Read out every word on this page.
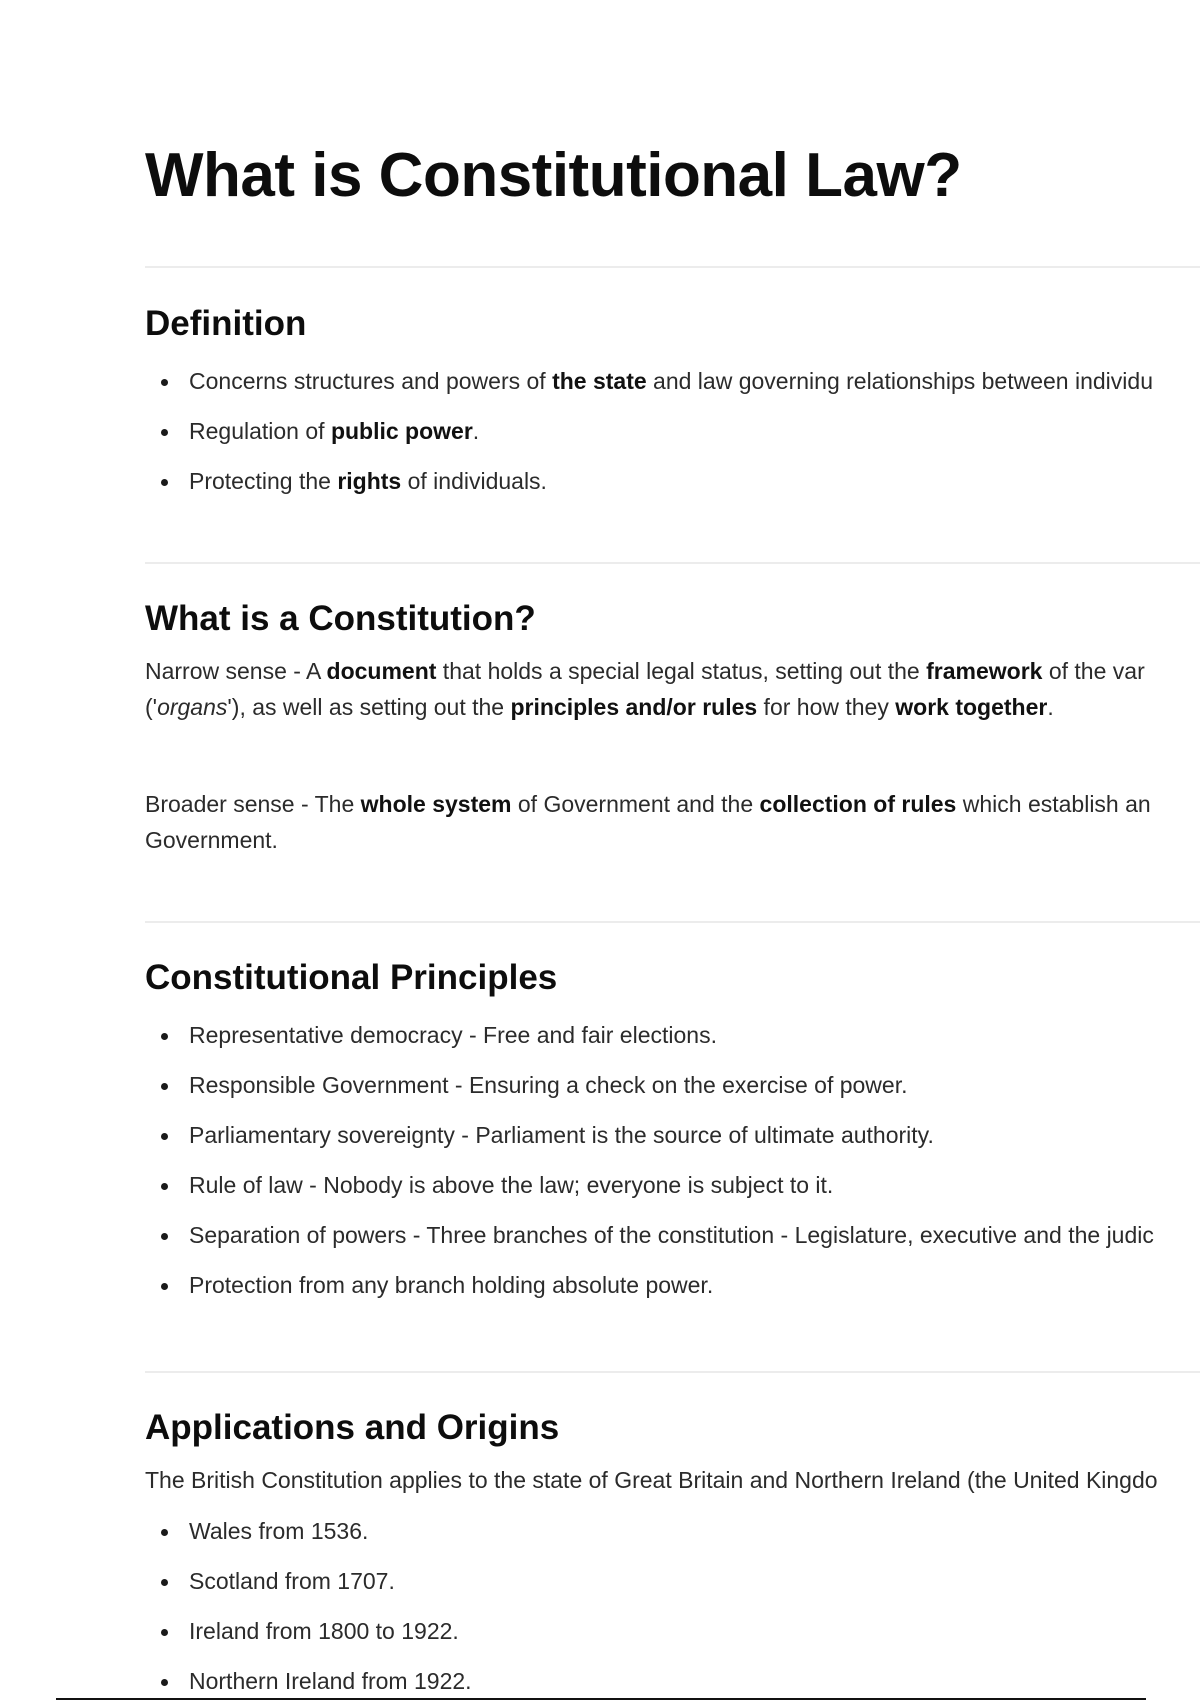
What is Constitutional Law?
Definition
Concerns structures and powers of the state and law governing relationships between individu
Regulation of public power.
Protecting the rights of individuals.
What is a Constitution?

Narrow sense - A document that holds a special legal status, setting out the framework of the var
('organs'), as well as setting out the principles and/or rules for how they work together.

Broader sense - The whole system of Government and the collection of rules which establish an
Government.

Constitutional Principles
Representative democracy - Free and fair elections.
Responsible Government - Ensuring a check on the exercise of power.
Parliamentary sovereignty - Parliament is the source of ultimate authority.
Rule of law - Nobody is above the law; everyone is subject to it.
Separation of powers - Three branches of the constitution - Legislature, executive and the judic
Protection from any branch holding absolute power.
Applications and Origins

The British Constitution applies to the state of Great Britain and Northern Ireland (the United Kingdo

Wales from 1536.
Scotland from 1707.
Ireland from 1800 to 1922.
Northern Ireland from 1922.
